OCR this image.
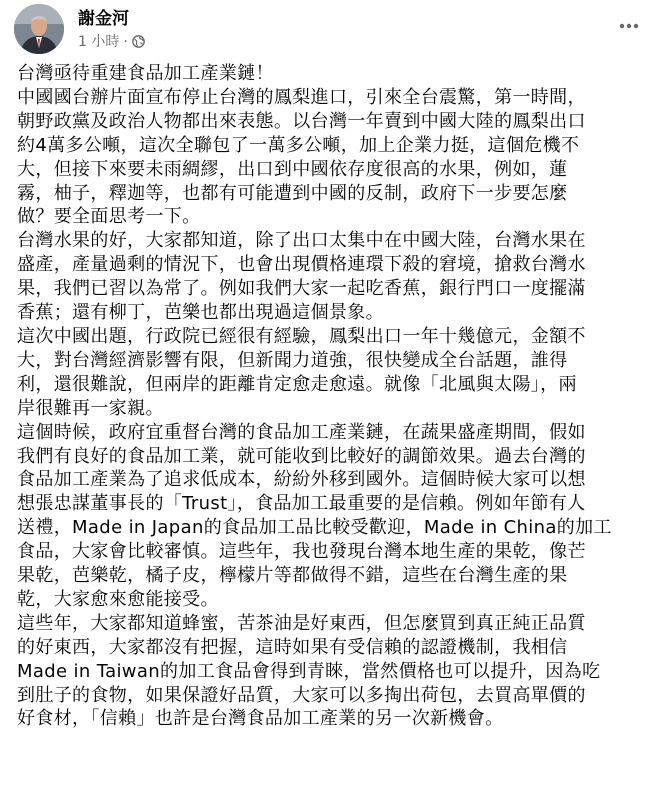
謝金河
1 小時 ·
台灣亟待重建食品加工產業鏈！
中國國台辦片面宣布停止台灣的鳳梨進口，引來全台震驚，第一時間，
朝野政黨及政治人物都出來表態。以台灣一年賣到中國大陸的鳳梨出口
約4萬多公噸，這次全聯包了一萬多公噸，加上企業力挺，這個危機不
大，但接下來要未雨綢繆，出口到中國依存度很高的水果，例如，蓮
霧，柚子，釋迦等，也都有可能遭到中國的反制，政府下一步要怎麼
做？要全面思考一下。
台灣水果的好，大家都知道，除了出口太集中在中國大陸，台灣水果在
盛產，產量過剩的情況下，也會出現價格連環下殺的窘境，搶救台灣水
果，我們已習以為常了。例如我們大家一起吃香蕉，銀行門口一度擺滿
香蕉；還有柳丁，芭樂也都出現過這個景象。
這次中國出題，行政院已經很有經驗，鳳梨出口一年十幾億元，金額不
大，對台灣經濟影響有限，但新聞力道強，很快變成全台話題，誰得
利，還很難說，但兩岸的距離肯定愈走愈遠。就像「北風與太陽」，兩
岸很難再一家親。
這個時候，政府宜重督台灣的食品加工產業鏈，在蔬果盛產期間，假如
我們有良好的食品加工業，就可能收到比較好的調節效果。過去台灣的
食品加工產業為了追求低成本，紛紛外移到國外。這個時候大家可以想
想張忠謀董事長的「Trust」，食品加工最重要的是信賴。例如年節有人
送禮，Made in Japan的食品加工品比較受歡迎，Made in China的加工
食品，大家會比較審慎。這些年，我也發現台灣本地生產的果乾，像芒
果乾，芭樂乾，橘子皮，檸檬片等都做得不錯，這些在台灣生產的果
乾，大家愈來愈能接受。
這些年，大家都知道蜂蜜，苦茶油是好東西，但怎麼買到真正純正品質
的好東西，大家都沒有把握，這時如果有受信賴的認證機制，我相信
Made in Taiwan的加工食品會得到青睞，當然價格也可以提升，因為吃
到肚子的食物，如果保證好品質，大家可以多掏出荷包，去買高單價的
好食材，「信賴」也許是台灣食品加工產業的另一次新機會。
